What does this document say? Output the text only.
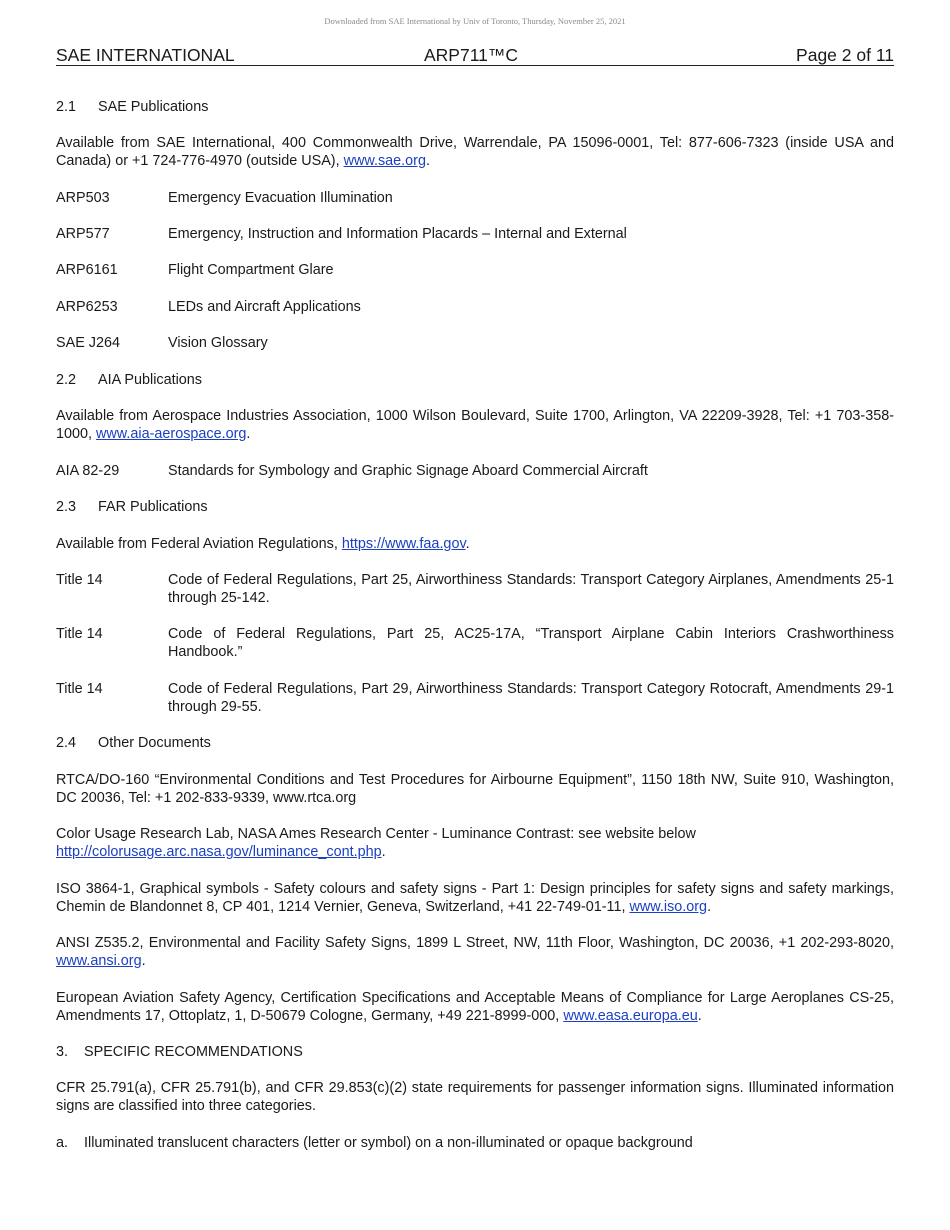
Downloaded from SAE International by Univ of Toronto, Thursday, November 25, 2021
SAE INTERNATIONAL	ARP711™C	Page 2 of 11
2.1 SAE Publications
Available from SAE International, 400 Commonwealth Drive, Warrendale, PA 15096-0001, Tel: 877-606-7323 (inside USA and Canada) or +1 724-776-4970 (outside USA), www.sae.org.
ARP503	Emergency Evacuation Illumination
ARP577	Emergency, Instruction and Information Placards – Internal and External
ARP6161	Flight Compartment Glare
ARP6253	LEDs and Aircraft Applications
SAE J264	Vision Glossary
2.2 AIA Publications
Available from Aerospace Industries Association, 1000 Wilson Boulevard, Suite 1700, Arlington, VA 22209-3928, Tel: +1 703-358-1000, www.aia-aerospace.org.
AIA 82-29	Standards for Symbology and Graphic Signage Aboard Commercial Aircraft
2.3 FAR Publications
Available from Federal Aviation Regulations, https://www.faa.gov.
Title 14	Code of Federal Regulations, Part 25, Airworthiness Standards: Transport Category Airplanes, Amendments 25-1 through 25-142.
Title 14	Code of Federal Regulations, Part 25, AC25-17A, “Transport Airplane Cabin Interiors Crashworthiness Handbook.”
Title 14	Code of Federal Regulations, Part 29, Airworthiness Standards: Transport Category Rotocraft, Amendments 29-1 through 29-55.
2.4 Other Documents
RTCA/DO-160 “Environmental Conditions and Test Procedures for Airbourne Equipment”, 1150 18th NW, Suite 910, Washington, DC 20036, Tel: +1 202-833-9339, www.rtca.org
Color Usage Research Lab, NASA Ames Research Center - Luminance Contrast: see website below
http://colorusage.arc.nasa.gov/luminance_cont.php.
ISO 3864-1, Graphical symbols - Safety colours and safety signs - Part 1: Design principles for safety signs and safety markings, Chemin de Blandonnet 8, CP 401, 1214 Vernier, Geneva, Switzerland, +41 22-749-01-11, www.iso.org.
ANSI Z535.2, Environmental and Facility Safety Signs, 1899 L Street, NW, 11th Floor, Washington, DC 20036, +1 202-293-8020, www.ansi.org.
European Aviation Safety Agency, Certification Specifications and Acceptable Means of Compliance for Large Aeroplanes CS-25, Amendments 17, Ottoplatz, 1, D-50679 Cologne, Germany, +49 221-8999-000, www.easa.europa.eu.
3. SPECIFIC RECOMMENDATIONS
CFR 25.791(a), CFR 25.791(b), and CFR 29.853(c)(2) state requirements for passenger information signs. Illuminated information signs are classified into three categories.
a. Illuminated translucent characters (letter or symbol) on a non-illuminated or opaque background
